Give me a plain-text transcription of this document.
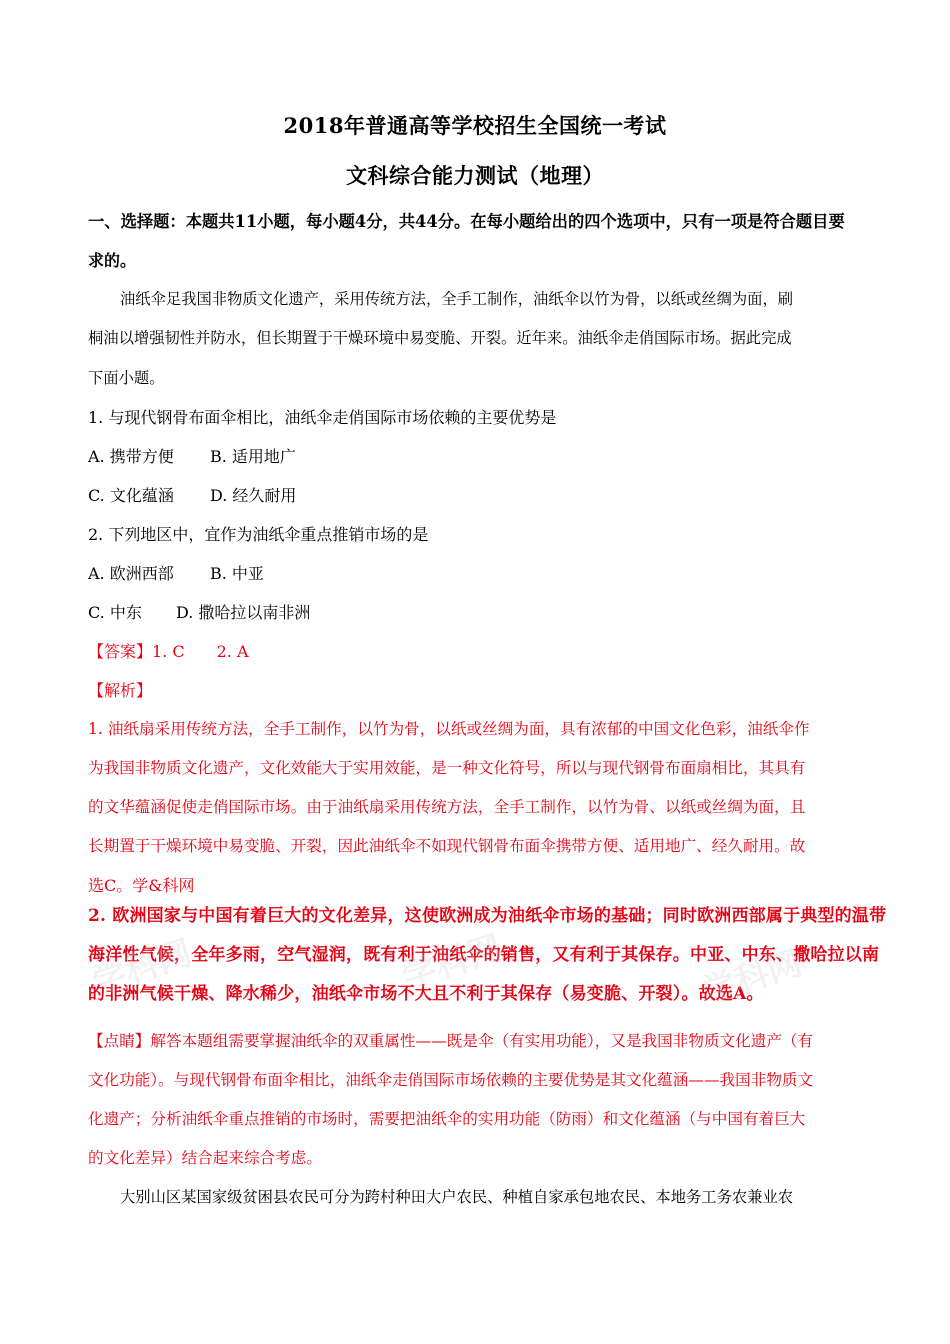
2018年普通高等学校招生全国统一考试
文科综合能力测试（地理）
一、选择题：本题共11小题，每小题4分，共44分。在每小题给出的四个选项中，只有一项是符合题目要
求的。
油纸伞足我国非物质文化遗产，采用传统方法，全手工制作，油纸伞以竹为骨，以纸或丝绸为面，刷
桐油以增强韧性并防水，但长期置于干燥环境中易变脆、开裂。近年来。油纸伞走俏国际市场。据此完成
下面小题。
1. 与现代钢骨布面伞相比，油纸伞走俏国际市场依赖的主要优势是
A. 携带方便	B. 适用地广
C. 文化蕴涵	D. 经久耐用
2. 下列地区中，宜作为油纸伞重点推销市场的是
A. 欧洲西部	B. 中亚
C. 中东	D. 撒哈拉以南非洲
【答案】1. C　　2. A
【解析】
1. 油纸扇采用传统方法，全手工制作，以竹为骨，以纸或丝绸为面，具有浓郁的中国文化色彩，油纸伞作
为我国非物质文化遗产，文化效能大于实用效能，是一种文化符号，所以与现代钢骨布面扇相比，其具有
的文华蕴涵促使走俏国际市场。由于油纸扇采用传统方法，全手工制作，以竹为骨、以纸或丝绸为面，且
长期置于干燥环境中易变脆、开裂，因此油纸伞不如现代钢骨布面伞携带方便、适用地广、经久耐用。故
选C。学&科网
2. 欧洲国家与中国有着巨大的文化差异，这使欧洲成为油纸伞市场的基础；同时欧洲西部属于典型的温带
海洋性气候，全年多雨，空气湿润，既有利于油纸伞的销售，又有利于其保存。中亚、中东、撒哈拉以南
的非洲气候干燥、降水稀少，油纸伞市场不大且不利于其保存（易变脆、开裂）。故选A。
学科网	学科网	学科网
【点睛】解答本题组需要掌握油纸伞的双重属性——既是伞（有实用功能），又是我国非物质文化遗产（有
文化功能）。与现代钢骨布面伞相比，油纸伞走俏国际市场依赖的主要优势是其文化蕴涵——我国非物质文
化遗产；分析油纸伞重点推销的市场时，需要把油纸伞的实用功能（防雨）和文化蕴涵（与中国有着巨大
的文化差异）结合起来综合考虑。
大别山区某国家级贫困县农民可分为跨村种田大户农民、种植自家承包地农民、本地务工务农兼业农
